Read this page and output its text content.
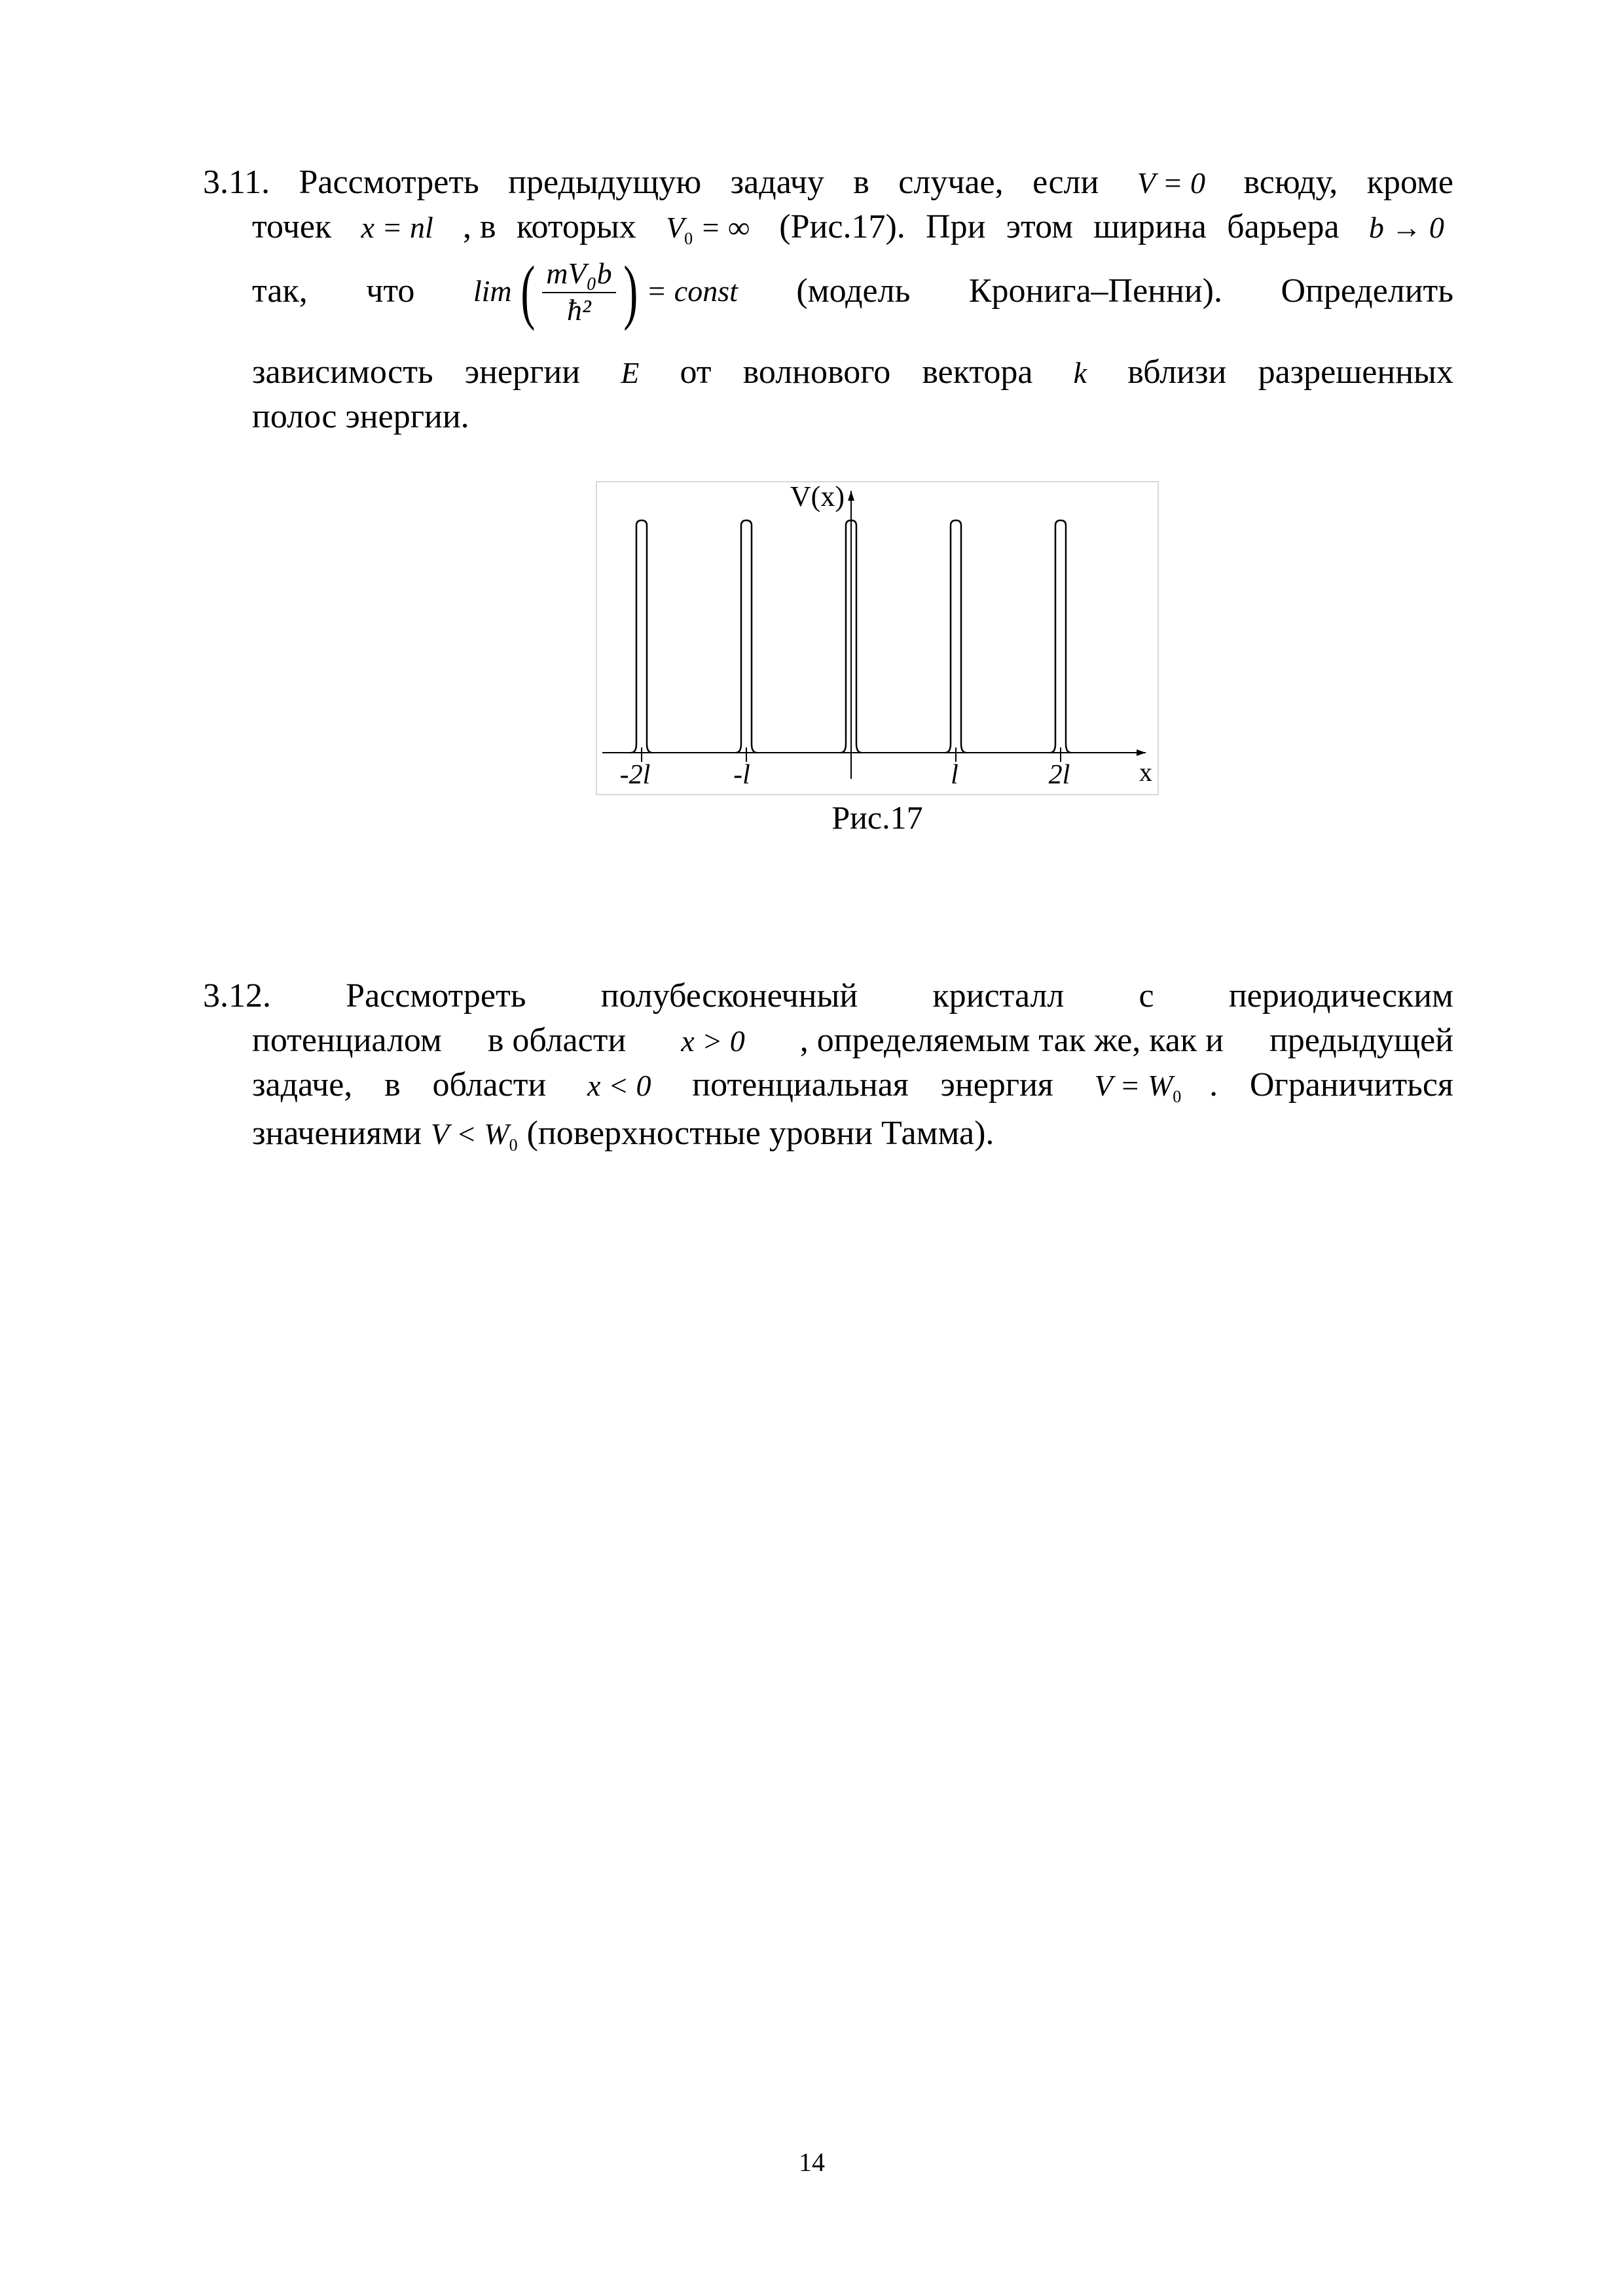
3.11. Рассмотреть предыдущую задачу в случае, если	V = 0 всюду, кроме
точек x = nl , в которых $V_0$ = ∞ (Рис.17). При этом ширина барьера b → 0
так, что lim ( $\frac{\text{mV₀b}}{\text{ħ²}}$ ) = const (модель Кронига–Пенни). Определить
зависимость энергии	E от волнового вектора	k вблизи разрешенных
полос энергии.
-2l	-l	l	2l
V(x)
x
Рис.17
3.12. Рассмотреть полубесконечный кристалл с периодическим
потенциалом в области	x > 0 , определяемым так же, как и предыдущей
задаче, в области	x < 0 потенциальная энергия	$V = W_0$ . Ограничиться
значениями $V < W_0$ (поверхностные уровни Тамма).
14
